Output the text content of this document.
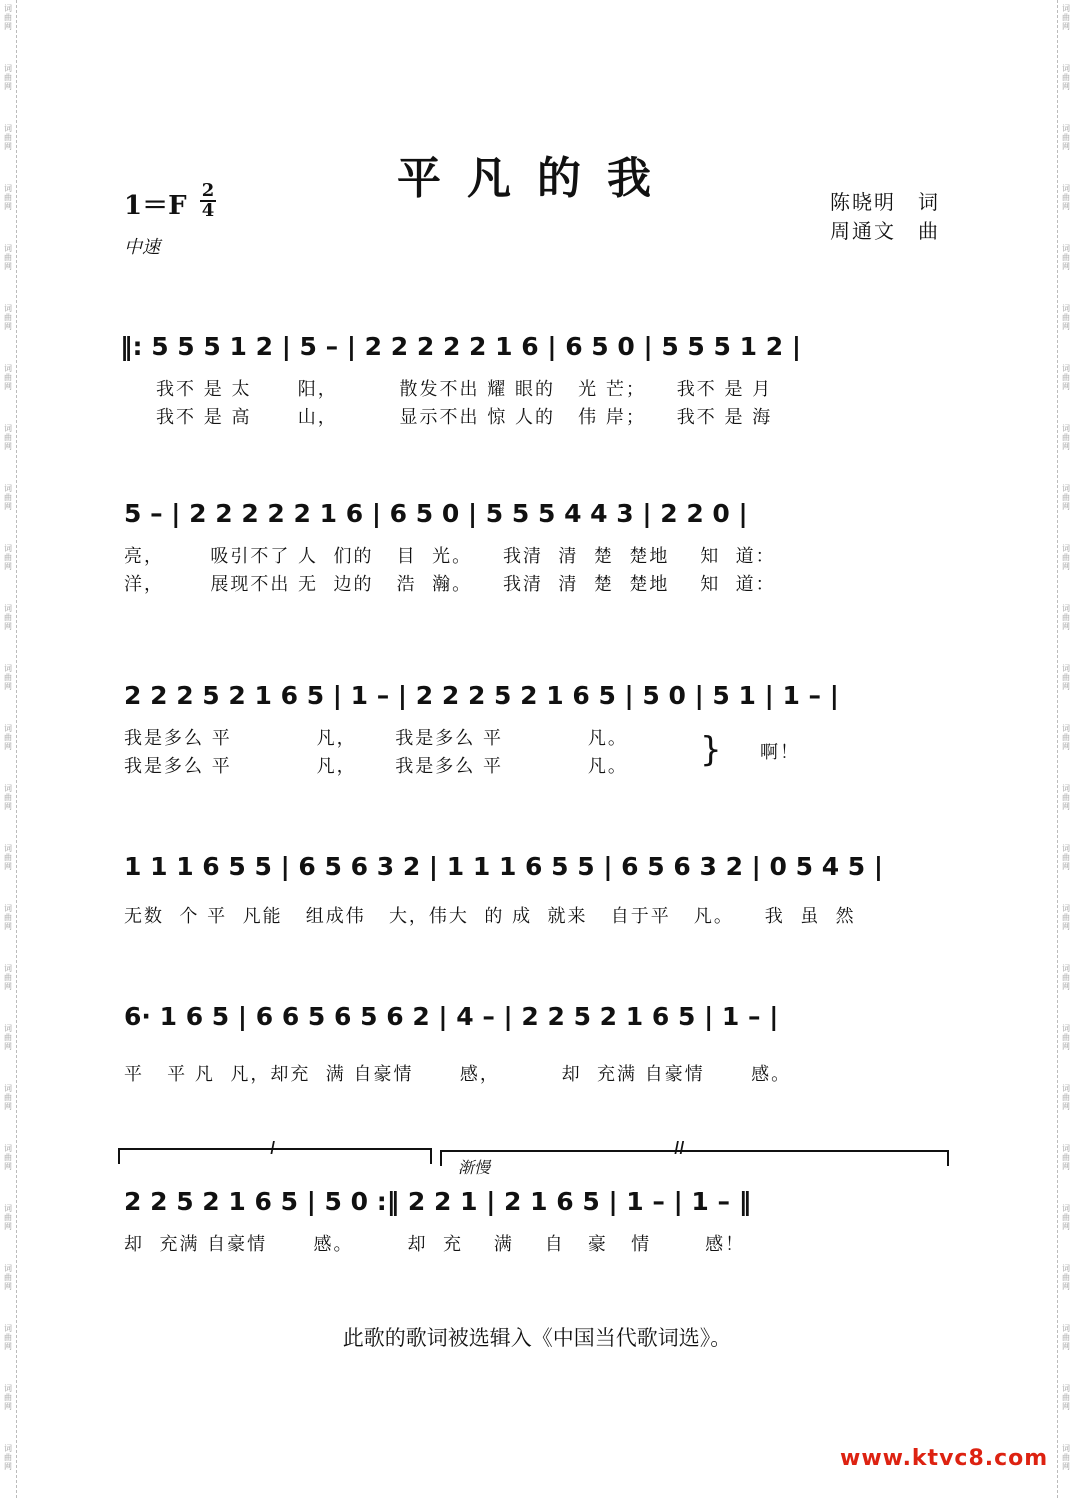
词曲网
词曲网
词曲网
词曲网
词曲网
词曲网
词曲网
词曲网
词曲网
词曲网
词曲网
词曲网
词曲网
词曲网
词曲网
词曲网
词曲网
词曲网
词曲网
词曲网
词曲网
词曲网
词曲网
词曲网
词曲网
词曲网
词曲网
词曲网
词曲网
词曲网
词曲网
词曲网
词曲网
词曲网
词曲网
词曲网
词曲网
词曲网
词曲网
词曲网
词曲网
词曲网
词曲网
词曲网
词曲网
词曲网
词曲网
词曲网
词曲网
词曲网
平凡的我
1＝F
2
4
中速
陈晓明　词
周通文　曲
‖: 5 5 5 1 2 | 5 – | 2 2 2 2 2 1 6 | 6 5 0 | 5 5 5 1 2 |
我不 是 太      阳，        散发不出 耀 眼的   光 芒；    我不 是 月
我不 是 高      山，        显示不出 惊 人的   伟 岸；    我不 是 海
5 – | 2 2 2 2 2 1 6 | 6 5 0 | 5 5 5 4 4 3 | 2 2 0 |
亮，      吸引不了 人  们的   目  光。    我清  清  楚  楚地    知  道：
洋，      展现不出 无  边的   浩  瀚。    我清  清  楚  楚地    知  道：
2 2 2 5 2 1 6 5 | 1 – | 2 2 2 5 2 1 6 5 | 5 0 | 5 1 | 1 – |
我是多么 平           凡，     我是多么 平           凡。
我是多么 平           凡，     我是多么 平           凡。 } 啊！
1 1 1 6 5 5 | 6 5 6 3 2 | 1 1 1 6 5 5 | 6 5 6 3 2 | 0 5 4 5 |
无数  个 平  凡能   组成伟   大，伟大  的 成  就来   自于平   凡。    我  虽  然
6· 1 6 5 | 6 6 5 6 5 6 2 | 4 – | 2 2 5 2 1 6 5 | 1 – |
平   平 凡  凡，却充  满 自豪情      感，        却  充满 自豪情      感。
I	II
渐慢
2 2 5 2 1 6 5 | 5 0 :‖ 2 2 1 | 2 1 6 5 | 1 – | 1 – ‖
却  充满 自豪情      感。       却  充    满    自   豪   情       感！
此歌的歌词被选辑入《中国当代歌词选》。
www.ktvc8.com
